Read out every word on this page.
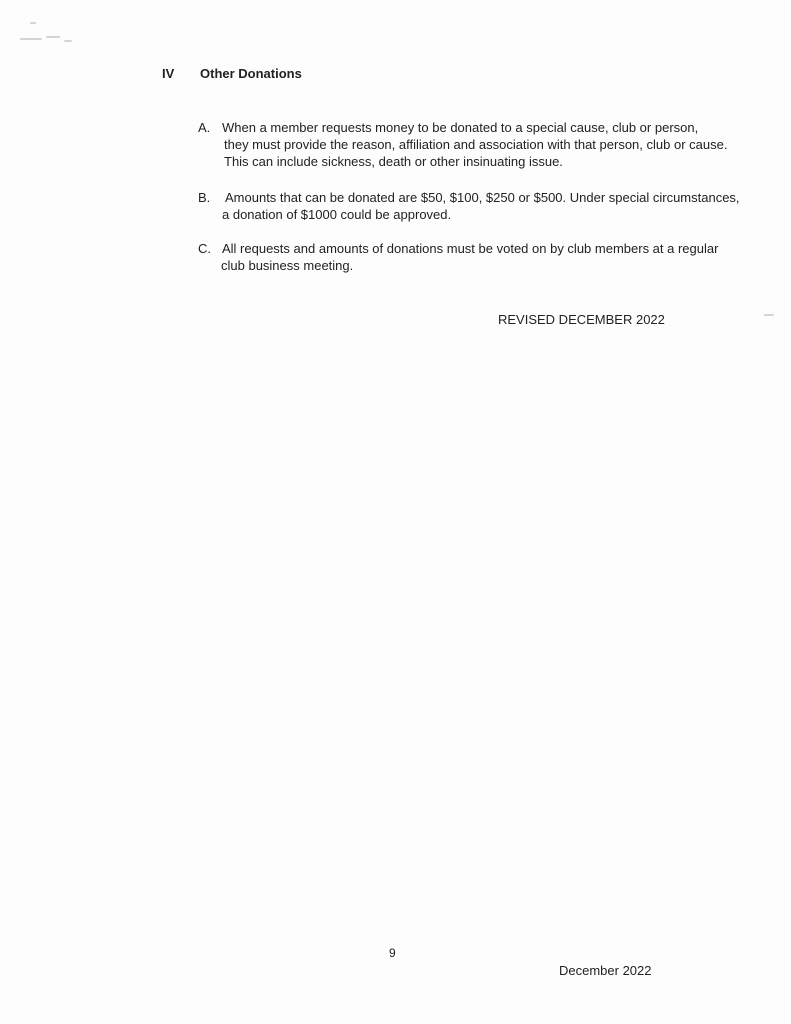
IV Other Donations
A. When a member requests money to be donated to a special cause, club or person,
they must provide the reason, affiliation and association with that person, club or cause.
This can include sickness, death or other insinuating issue.
B. Amounts that can be donated are $50, $100, $250 or $500. Under special circumstances,
a donation of $1000 could be approved.
C. All requests and amounts of donations must be voted on by club members at a regular
club business meeting.
REVISED DECEMBER 2022
9
December 2022
